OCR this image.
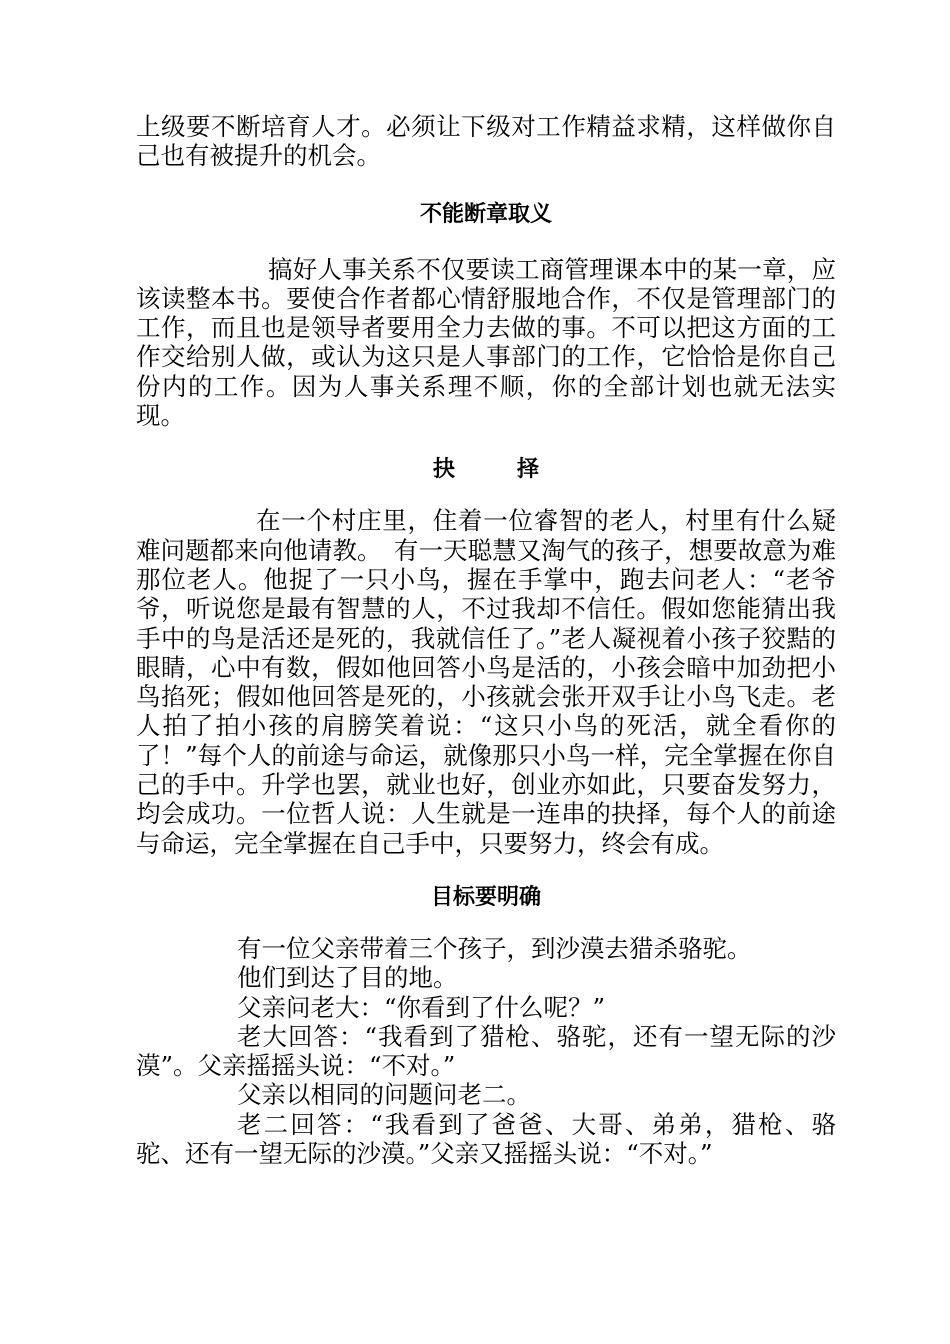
上级要不断培育人才。必须让下级对工作精益求精，这样做你自己也有被提升的机会。

不能断章取义

搞好人事关系不仅要读工商管理课本中的某一章，应该读整本书。要使合作者都心情舒服地合作，不仅是管理部门的工作，而且也是领导者要用全力去做的事。不可以把这方面的工作交给别人做，或认为这只是人事部门的工作，它恰恰是你自己份内的工作。因为人事关系理不顺，你的全部计划也就无法实现。

抉	择

在一个村庄里，住着一位睿智的老人，村里有什么疑难问题都来向他请教。　有一天聪慧又淘气的孩子，想要故意为难那位老人。他捉了一只小鸟，握在手掌中，跑去问老人：“老爷爷，听说您是最有智慧的人，不过我却不信任。假如您能猜出我手中的鸟是活还是死的，我就信任了。”老人凝视着小孩子狡黠的眼睛，心中有数，假如他回答小鸟是活的，小孩会暗中加劲把小鸟掐死；假如他回答是死的，小孩就会张开双手让小鸟飞走。老人拍了拍小孩的肩膀笑着说：“这只小鸟的死活，就全看你的了！”每个人的前途与命运，就像那只小鸟一样，完全掌握在你自己的手中。升学也罢，就业也好，创业亦如此，只要奋发努力，均会成功。一位哲人说：人生就是一连串的抉择，每个人的前途与命运，完全掌握在自己手中，只要努力，终会有成。

目标要明确

有一位父亲带着三个孩子，到沙漠去猎杀骆驼。

他们到达了目的地。

父亲问老大：“你看到了什么呢？”

老大回答：“我看到了猎枪、骆驼，还有一望无际的沙漠”。父亲摇摇头说：“不对。”

父亲以相同的问题问老二。

老二回答：“我看到了爸爸、大哥、弟弟，猎枪、骆驼、还有一望无际的沙漠。”父亲又摇摇头说：“不对。”
